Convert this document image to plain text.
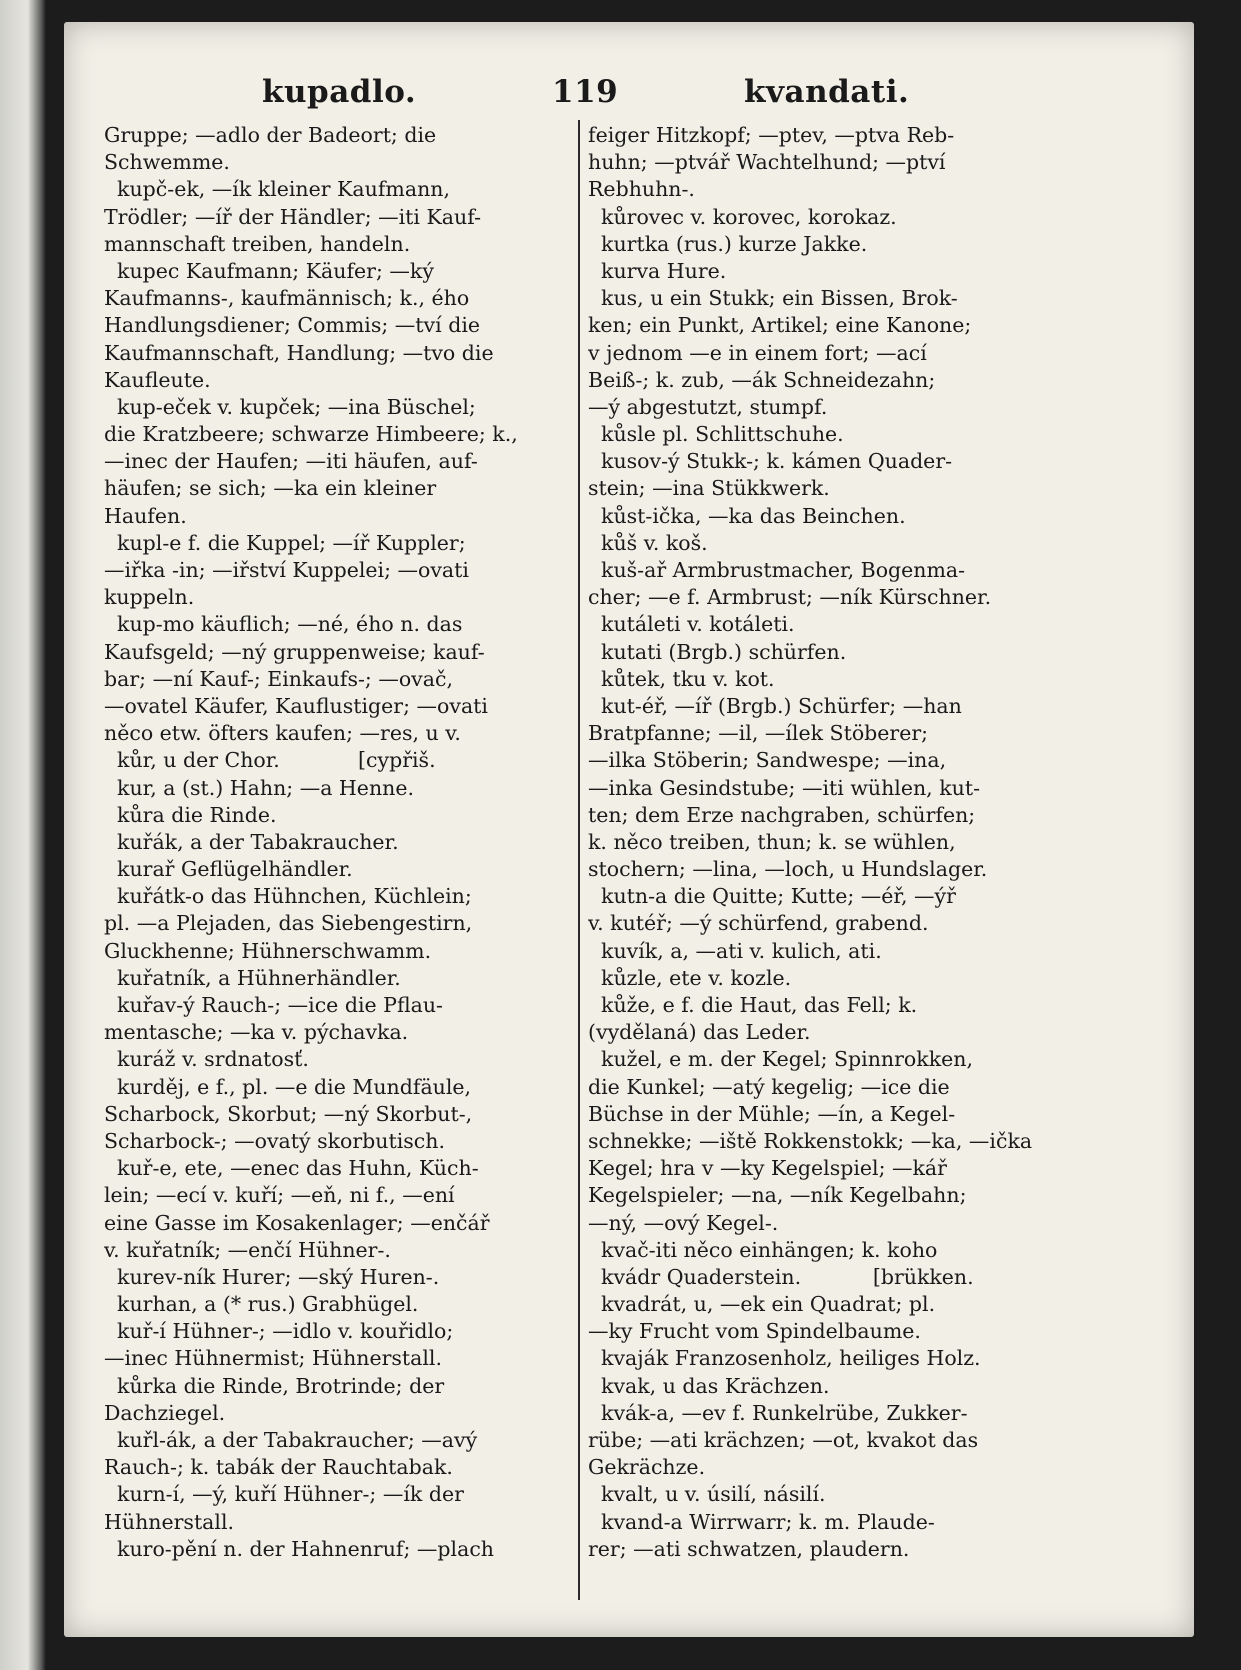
kupadlo.	119	kvandati.
Gruppe; —adlo der Badeort; die
Schwemme.
kupč-ek, —ík kleiner Kaufmann,
Trödler; —íř der Händler; —iti Kauf-
mannschaft treiben, handeln.
kupec Kaufmann; Käufer; —ký
Kaufmanns-, kaufmännisch; k., ého
Handlungsdiener; Commis; —tví die
Kaufmannschaft, Handlung; —tvo die
Kaufleute.
kup-eček v. kupček; —ina Büschel;
die Kratzbeere; schwarze Himbeere; k.,
—inec der Haufen; —iti häufen, auf-
häufen; se sich; —ka ein kleiner
Haufen.
kupl-e f. die Kuppel; —íř Kuppler;
—iřka -in; —iřství Kuppelei; —ovati
kuppeln.
kup-mo käuflich; —né, ého n. das
Kaufsgeld; —ný gruppenweise; kauf-
bar; —ní Kauf-; Einkaufs-; —ovač,
—ovatel Käufer, Kauflustiger; —ovati
něco etw. öfters kaufen; —res, u v.
kůr, u der Chor.            [cypřiš.
kur, a (st.) Hahn; —a Henne.
kůra die Rinde.
kuřák, a der Tabakraucher.
kurař Geflügelhändler.
kuřátk-o das Hühnchen, Küchlein;
pl. —a Plejaden, das Siebengestirn,
Gluckhenne; Hühnerschwamm.
kuřatník, a Hühnerhändler.
kuřav-ý Rauch-; —ice die Pflau-
mentasche; —ka v. pýchavka.
kuráž v. srdnatosť.
kurděj, e f., pl. —e die Mundfäule,
Scharbock, Skorbut; —ný Skorbut-,
Scharbock-; —ovatý skorbutisch.
kuř-e, ete, —enec das Huhn, Küch-
lein; —ecí v. kuří; —eň, ni f., —ení
eine Gasse im Kosakenlager; —enčář
v. kuřatník; —enčí Hühner-.
kurev-ník Hurer; —ský Huren-.
kurhan, a (* rus.) Grabhügel.
kuř-í Hühner-; —idlo v. kouřidlo;
—inec Hühnermist; Hühnerstall.
kůrka die Rinde, Brotrinde; der
Dachziegel.
kuřl-ák, a der Tabakraucher; —avý
Rauch-; k. tabák der Rauchtabak.
kurn-í, —ý, kuří Hühner-; —ík der
Hühnerstall.
kuro-pění n. der Hahnenruf; —plach
feiger Hitzkopf; —ptev, —ptva Reb-
huhn; —ptvář Wachtelhund; —ptví
Rebhuhn-.
kůrovec v. korovec, korokaz.
kurtka (rus.) kurze Jakke.
kurva Hure.
kus, u ein Stukk; ein Bissen, Brok-
ken; ein Punkt, Artikel; eine Kanone;
v jednom —e in einem fort; —ací
Beiß-; k. zub, —ák Schneidezahn;
—ý abgestutzt, stumpf.
kůsle pl. Schlittschuhe.
kusov-ý Stukk-; k. kámen Quader-
stein; —ina Stükkwerk.
kůst-ička, —ka das Beinchen.
kůš v. koš.
kuš-ař Armbrustmacher, Bogenma-
cher; —e f. Armbrust; —ník Kürschner.
kutáleti v. kotáleti.
kutati (Brgb.) schürfen.
kůtek, tku v. kot.
kut-éř, —íř (Brgb.) Schürfer; —han
Bratpfanne; —il, —ílek Stöberer;
—ilka Stöberin; Sandwespe; —ina,
—inka Gesindstube; —iti wühlen, kut-
ten; dem Erze nachgraben, schürfen;
k. něco treiben, thun; k. se wühlen,
stochern; —lina, —loch, u Hundslager.
kutn-a die Quitte; Kutte; —éř, —ýř
v. kutéř; —ý schürfend, grabend.
kuvík, a, —ati v. kulich, ati.
kůzle, ete v. kozle.
kůže, e f. die Haut, das Fell; k.
(vydělaná) das Leder.
kužel, e m. der Kegel; Spinnrokken,
die Kunkel; —atý kegelig; —ice die
Büchse in der Mühle; —ín, a Kegel-
schnekke; —iště Rokkenstokk; —ka, —ička
Kegel; hra v —ky Kegelspiel; —kář
Kegelspieler; —na, —ník Kegelbahn;
—ný, —ový Kegel-.
kvač-iti něco einhängen; k. koho
kvádr Quaderstein.           [brükken.
kvadrát, u, —ek ein Quadrat; pl.
—ky Frucht vom Spindelbaume.
kvaják Franzosenholz, heiliges Holz.
kvak, u das Krächzen.
kvák-a, —ev f. Runkelrübe, Zukker-
rübe; —ati krächzen; —ot, kvakot das
Gekrächze.
kvalt, u v. úsilí, násilí.
kvand-a Wirrwarr; k. m. Plaude-
rer; —ati schwatzen, plaudern.
